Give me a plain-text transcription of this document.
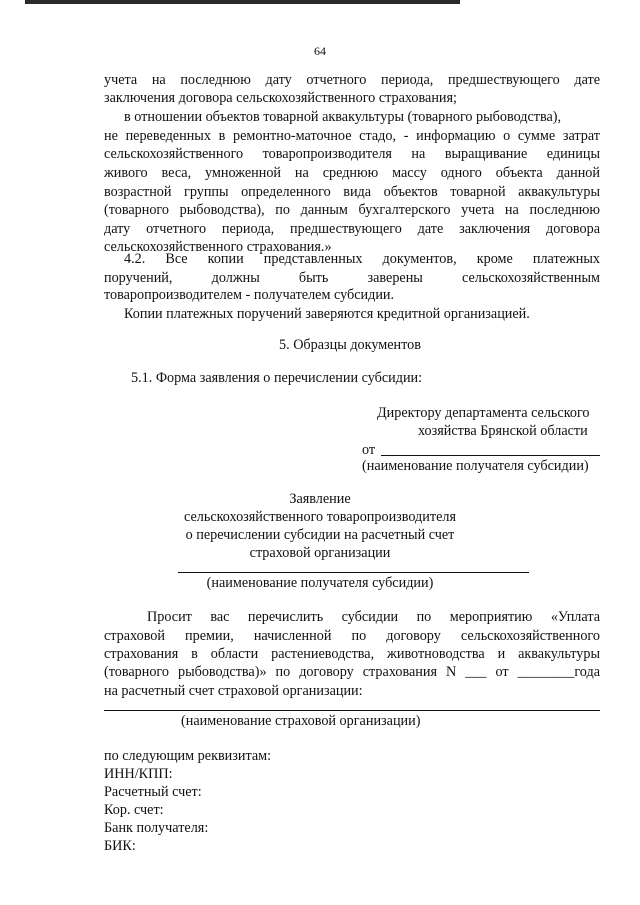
64
учета на последнюю дату отчетного периода, предшествующего дате
заключения договора сельскохозяйственного страхования;
в отношении объектов товарной аквакультуры (товарного рыбоводства),
не переведенных в ремонтно-маточное стадо, - информацию о сумме затрат
сельскохозяйственного товаропроизводителя на выращивание единицы
живого веса, умноженной на среднюю массу одного объекта данной
возрастной группы определенного вида объектов товарной аквакультуры
(товарного рыбоводства), по данным бухгалтерского учета на последнюю
дату отчетного периода, предшествующего дате заключения договора
сельскохозяйственного страхования.»
4.2. Все копии представленных документов, кроме платежных
поручений, должны быть заверены сельскохозяйственным
товаропроизводителем - получателем субсидии.
Копии платежных поручений заверяются кредитной организацией.
5. Образцы документов
5.1. Форма заявления о перечислении субсидии:
Директору департамента сельского
хозяйства Брянской области
от
(наименование получателя субсидии)
Заявление
сельскохозяйственного товаропроизводителя
о перечислении субсидии на расчетный счет
страховой организации
(наименование получателя субсидии)
Просит вас перечислить субсидии по мероприятию «Уплата
страховой премии, начисленной по договору сельскохозяйственного
страхования в области растениеводства, животноводства и аквакультуры
(товарного рыбоводства)» по договору страхования N ___ от ________года
на расчетный счет страховой организации:
(наименование страховой организации)
по следующим реквизитам:
ИНН/КПП:
Расчетный счет:
Кор. счет:
Банк получателя:
БИК:
